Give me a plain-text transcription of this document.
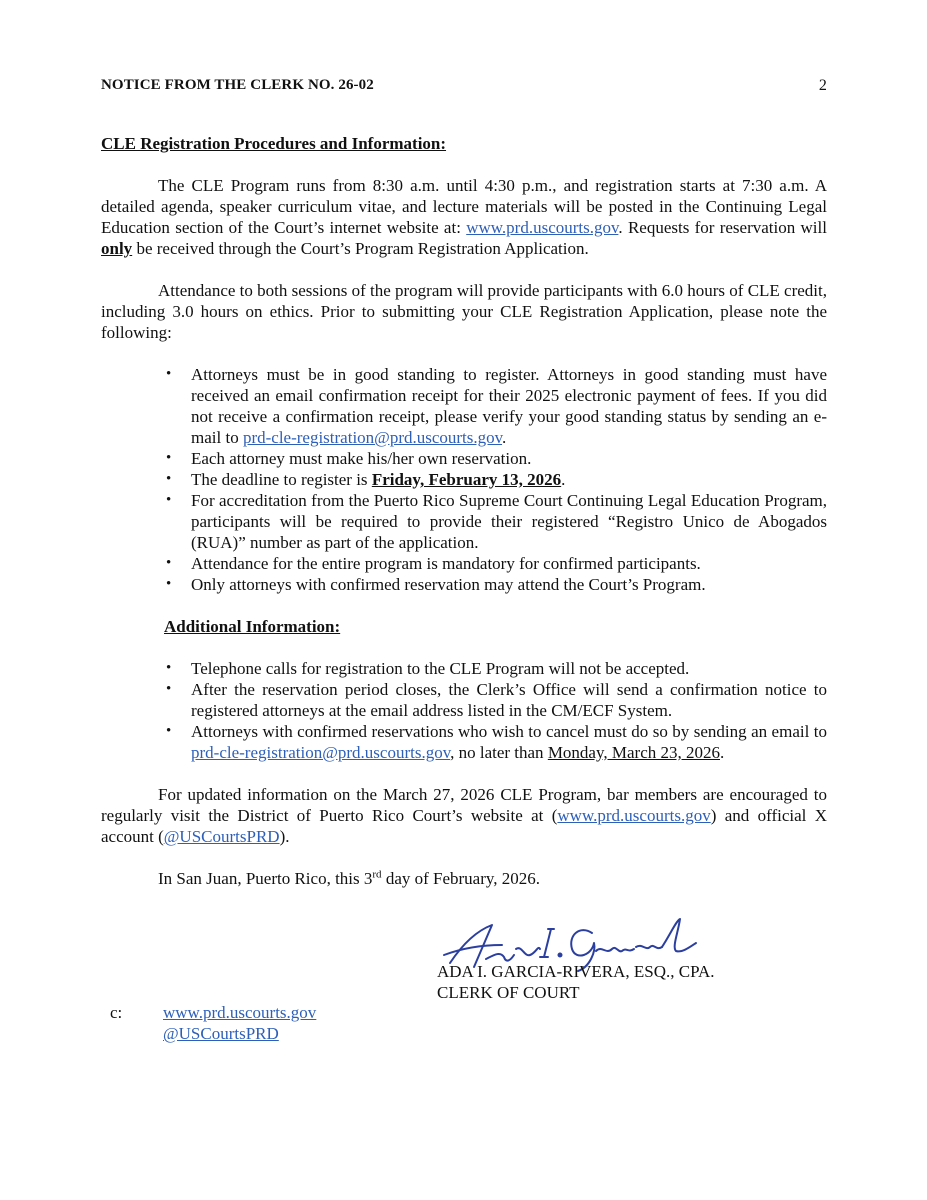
NOTICE FROM THE CLERK NO. 26-02	2

CLE Registration Procedures and Information:

The CLE Program runs from 8:30 a.m. until 4:30 p.m., and registration starts at 7:30 a.m. A detailed agenda, speaker curriculum vitae, and lecture materials will be posted in the Continuing Legal Education section of the Court’s internet website at: www.prd.uscourts.gov. Requests for reservation will only be received through the Court’s Program Registration Application.

Attendance to both sessions of the program will provide participants with 6.0 hours of CLE credit, including 3.0 hours on ethics. Prior to submitting your CLE Registration Application, please note the following:

• Attorneys must be in good standing to register. Attorneys in good standing must have received an email confirmation receipt for their 2025 electronic payment of fees. If you did not receive a confirmation receipt, please verify your good standing status by sending an e-mail to prd-cle-registration@prd.uscourts.gov.
• Each attorney must make his/her own reservation.
• The deadline to register is Friday, February 13, 2026.
• For accreditation from the Puerto Rico Supreme Court Continuing Legal Education Program, participants will be required to provide their registered “Registro Unico de Abogados (RUA)” number as part of the application.
• Attendance for the entire program is mandatory for confirmed participants.
• Only attorneys with confirmed reservation may attend the Court’s Program.

Additional Information:

• Telephone calls for registration to the CLE Program will not be accepted.
• After the reservation period closes, the Clerk’s Office will send a confirmation notice to registered attorneys at the email address listed in the CM/ECF System.
• Attorneys with confirmed reservations who wish to cancel must do so by sending an email to prd-cle-registration@prd.uscourts.gov, no later than Monday, March 23, 2026.

For updated information on the March 27, 2026 CLE Program, bar members are encouraged to regularly visit the District of Puerto Rico Court’s website at (www.prd.uscourts.gov) and official X account (@USCourtsPRD).

In San Juan, Puerto Rico, this 3rd day of February, 2026.

ADA I. GARCIA-RIVERA, ESQ., CPA.

CLERK OF COURT

c: www.prd.uscourts.gov
@USCourtsPRD
